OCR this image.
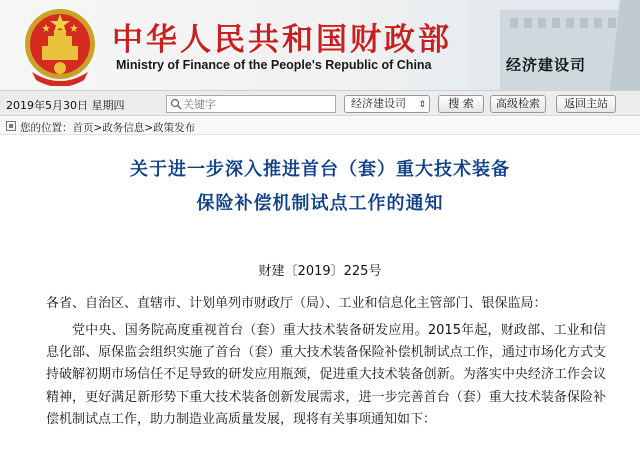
中华人民共和国财政部
Ministry of Finance of the People's Republic of China	经济建设司
2019年5月30日 星期四
关键字	经济建设司 ⇕	搜 索	高级检索	返回主站
您的位置：首页>政务信息>政策发布
关于进一步深入推进首台（套）重大技术装备
保险补偿机制试点工作的通知
财建〔2019〕225号
各省、自治区、直辖市、计划单列市财政厅（局）、工业和信息化主管部门、银保监局：
党中央、国务院高度重视首台（套）重大技术装备研发应用。2015年起，财政部、工业和信息化部、原保监会组织实施了首台（套）重大技术装备保险补偿机制试点工作，通过市场化方式支持破解初期市场信任不足导致的研发应用瓶颈，促进重大技术装备创新。为落实中央经济工作会议精神，更好满足新形势下重大技术装备创新发展需求，进一步完善首台（套）重大技术装备保险补偿机制试点工作，助力制造业高质量发展，现将有关事项通知如下：
